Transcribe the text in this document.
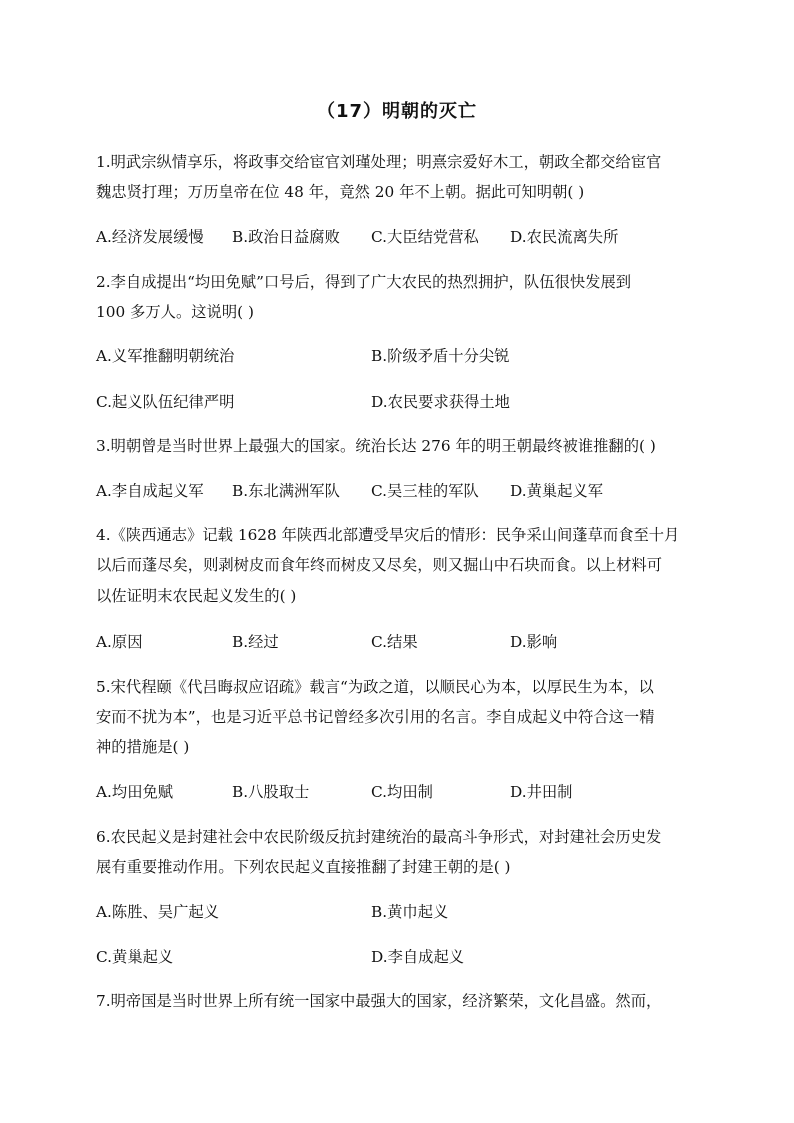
（17）明朝的灭亡
1.明武宗纵情享乐，将政事交给宦官刘瑾处理；明熹宗爱好木工，朝政全都交给宦官
魏忠贤打理；万历皇帝在位 48 年，竟然 20 年不上朝。据此可知明朝( )
A.经济发展缓慢 B.政治日益腐败 C.大臣结党营私 D.农民流离失所
2.李自成提出“均田免赋”口号后，得到了广大农民的热烈拥护，队伍很快发展到
100 多万人。这说明( )
A.义军推翻明朝统治	B.阶级矛盾十分尖锐
C.起义队伍纪律严明	D.农民要求获得土地
3.明朝曾是当时世界上最强大的国家。统治长达 276 年的明王朝最终被谁推翻的( )
A.李自成起义军 B.东北满洲军队 C.吴三桂的军队 D.黄巢起义军
4.《陕西通志》记载 1628 年陕西北部遭受旱灾后的情形：民争采山间蓬草而食至十月
以后而蓬尽矣，则剥树皮而食年终而树皮又尽矣，则又掘山中石块而食。以上材料可
以佐证明末农民起义发生的( )
A.原因	B.经过	C.结果	D.影响
5.宋代程颐《代吕晦叔应诏疏》载言“为政之道，以顺民心为本，以厚民生为本，以
安而不扰为本”，也是习近平总书记曾经多次引用的名言。李自成起义中符合这一精
神的措施是( )
A.均田免赋	B.八股取士	C.均田制	D.井田制
6.农民起义是封建社会中农民阶级反抗封建统治的最高斗争形式，对封建社会历史发
展有重要推动作用。下列农民起义直接推翻了封建王朝的是( )
A.陈胜、吴广起义	B.黄巾起义
C.黄巢起义	D.李自成起义
7.明帝国是当时世界上所有统一国家中最强大的国家，经济繁荣，文化昌盛。然而，
